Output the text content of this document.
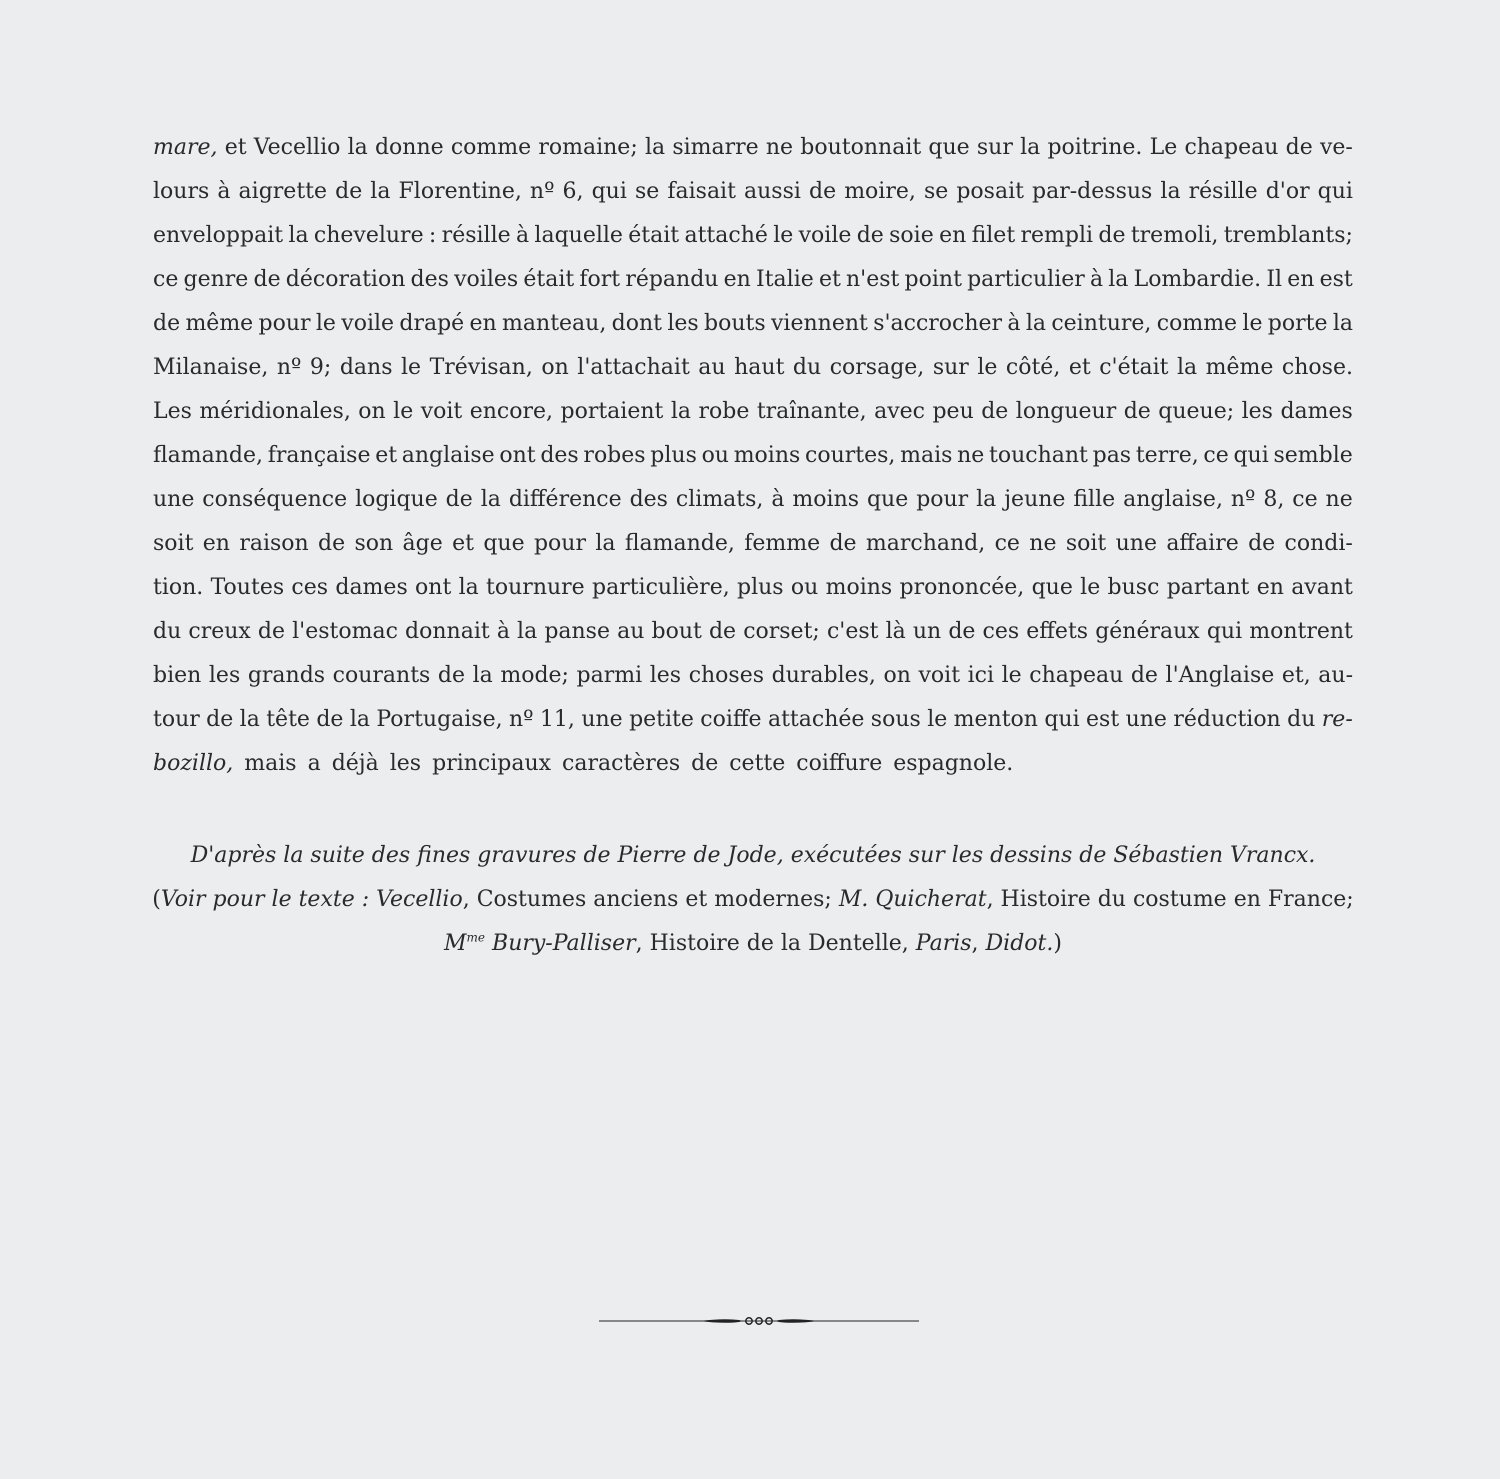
mare, et Vecellio la donne comme romaine; la simarre ne boutonnait que sur la poitrine. Le chapeau de ve-
lours à aigrette de la Florentine, nº 6, qui se faisait aussi de moire, se posait par-dessus la résille d'or qui
enveloppait la chevelure : résille à laquelle était attaché le voile de soie en filet rempli de tremoli, tremblants;
ce genre de décoration des voiles était fort répandu en Italie et n'est point particulier à la Lombardie. Il en est
de même pour le voile drapé en manteau, dont les bouts viennent s'accrocher à la ceinture, comme le porte la
Milanaise, nº 9; dans le Trévisan, on l'attachait au haut du corsage, sur le côté, et c'était la même chose.
Les méridionales, on le voit encore, portaient la robe traînante, avec peu de longueur de queue; les dames
flamande, française et anglaise ont des robes plus ou moins courtes, mais ne touchant pas terre, ce qui semble
une conséquence logique de la différence des climats, à moins que pour la jeune fille anglaise, nº 8, ce ne
soit en raison de son âge et que pour la flamande, femme de marchand, ce ne soit une affaire de condi-
tion. Toutes ces dames ont la tournure particulière, plus ou moins prononcée, que le busc partant en avant
du creux de l'estomac donnait à la panse au bout de corset; c'est là un de ces effets généraux qui montrent
bien les grands courants de la mode; parmi les choses durables, on voit ici le chapeau de l'Anglaise et, au-
tour de la tête de la Portugaise, nº 11, une petite coiffe attachée sous le menton qui est une réduction du re-
bozillo, mais a déjà les principaux caractères de cette coiffure espagnole.
D'après la suite des fines gravures de Pierre de Jode, exécutées sur les dessins de Sébastien Vrancx.
(Voir pour le texte : Vecellio, Costumes anciens et modernes; M. Quicherat, Histoire du costume en France;
$M^{me}$ Bury-Palliser, Histoire de la Dentelle, Paris, Didot.)
